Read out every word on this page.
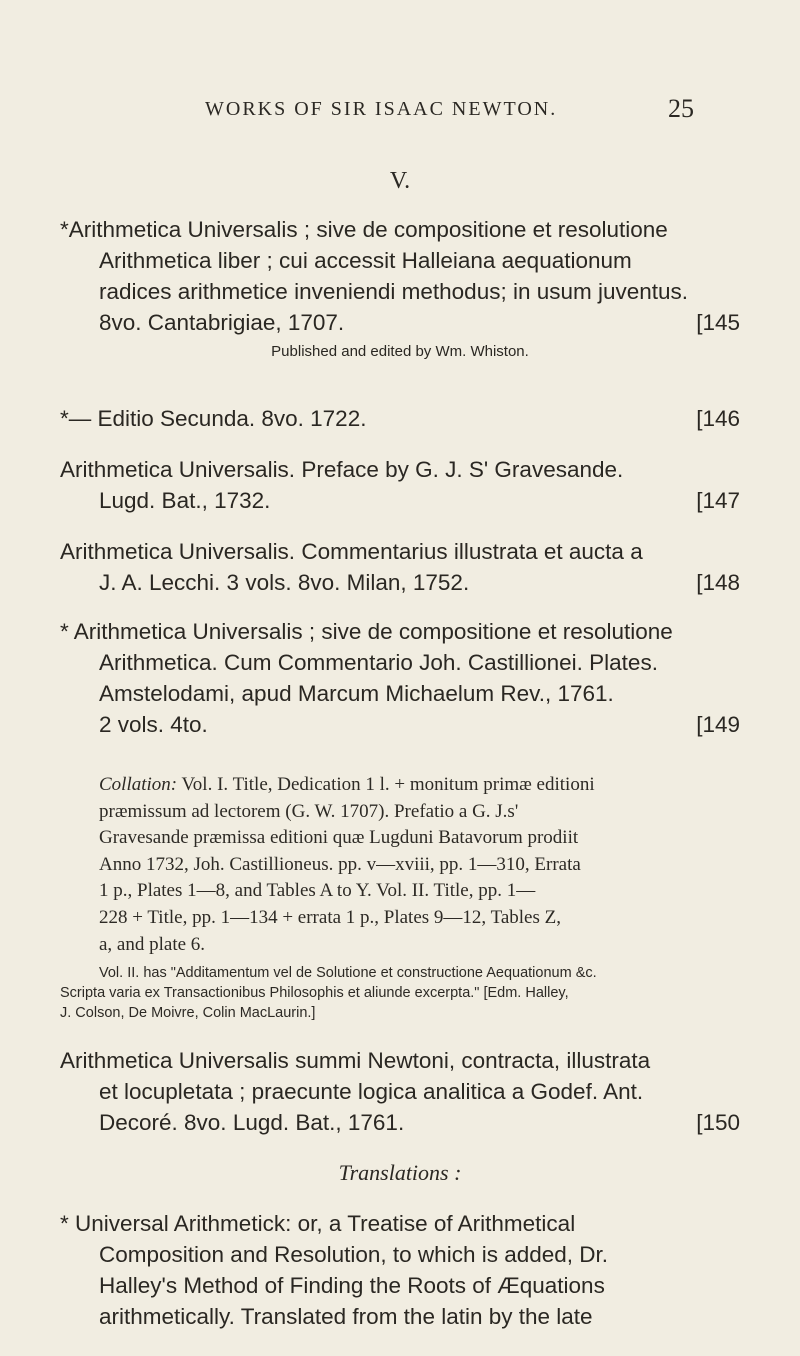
WORKS OF SIR ISAAC NEWTON.	25
V.
*Arithmetica Universalis ; sive de compositione et resolutione
Arithmetica liber ; cui accessit Halleiana aequationum
radices arithmetice inveniendi methodus; in usum juventus.
8vo. Cantabrigiae, 1707.	[145
Published and edited by Wm. Whiston.
*— Editio Secunda. 8vo. 1722.	[146
Arithmetica Universalis. Preface by G. J. S' Gravesande.
Lugd. Bat., 1732.	[147
Arithmetica Universalis. Commentarius illustrata et aucta a
J. A. Lecchi. 3 vols. 8vo. Milan, 1752.	[148
* Arithmetica Universalis ; sive de compositione et resolutione
Arithmetica. Cum Commentario Joh. Castillionei. Plates.
Amstelodami, apud Marcum Michaelum Rev., 1761.
2 vols. 4to.	[149
Collation: Vol. I. Title, Dedication 1 l. + monitum primæ editioni
præmissum ad lectorem (G. W. 1707). Prefatio a G. J.s'
Gravesande præmissa editioni quæ Lugduni Batavorum prodiit
Anno 1732, Joh. Castillioneus. pp. v—xviii, pp. 1—310, Errata
1 p., Plates 1—8, and Tables A to Y. Vol. II. Title, pp. 1—
228 + Title, pp. 1—134 + errata 1 p., Plates 9—12, Tables Z,
a, and plate 6.
Vol. II. has "Additamentum vel de Solutione et constructione Aequationum &c.
Scripta varia ex Transactionibus Philosophis et aliunde excerpta." [Edm. Halley,
J. Colson, De Moivre, Colin MacLaurin.]
Arithmetica Universalis summi Newtoni, contracta, illustrata
et locupletata ; praecunte logica analitica a Godef. Ant.
Decoré. 8vo. Lugd. Bat., 1761.	[150
Translations :
* Universal Arithmetick: or, a Treatise of Arithmetical
Composition and Resolution, to which is added, Dr.
Halley's Method of Finding the Roots of Æquations
arithmetically. Translated from the latin by the late
